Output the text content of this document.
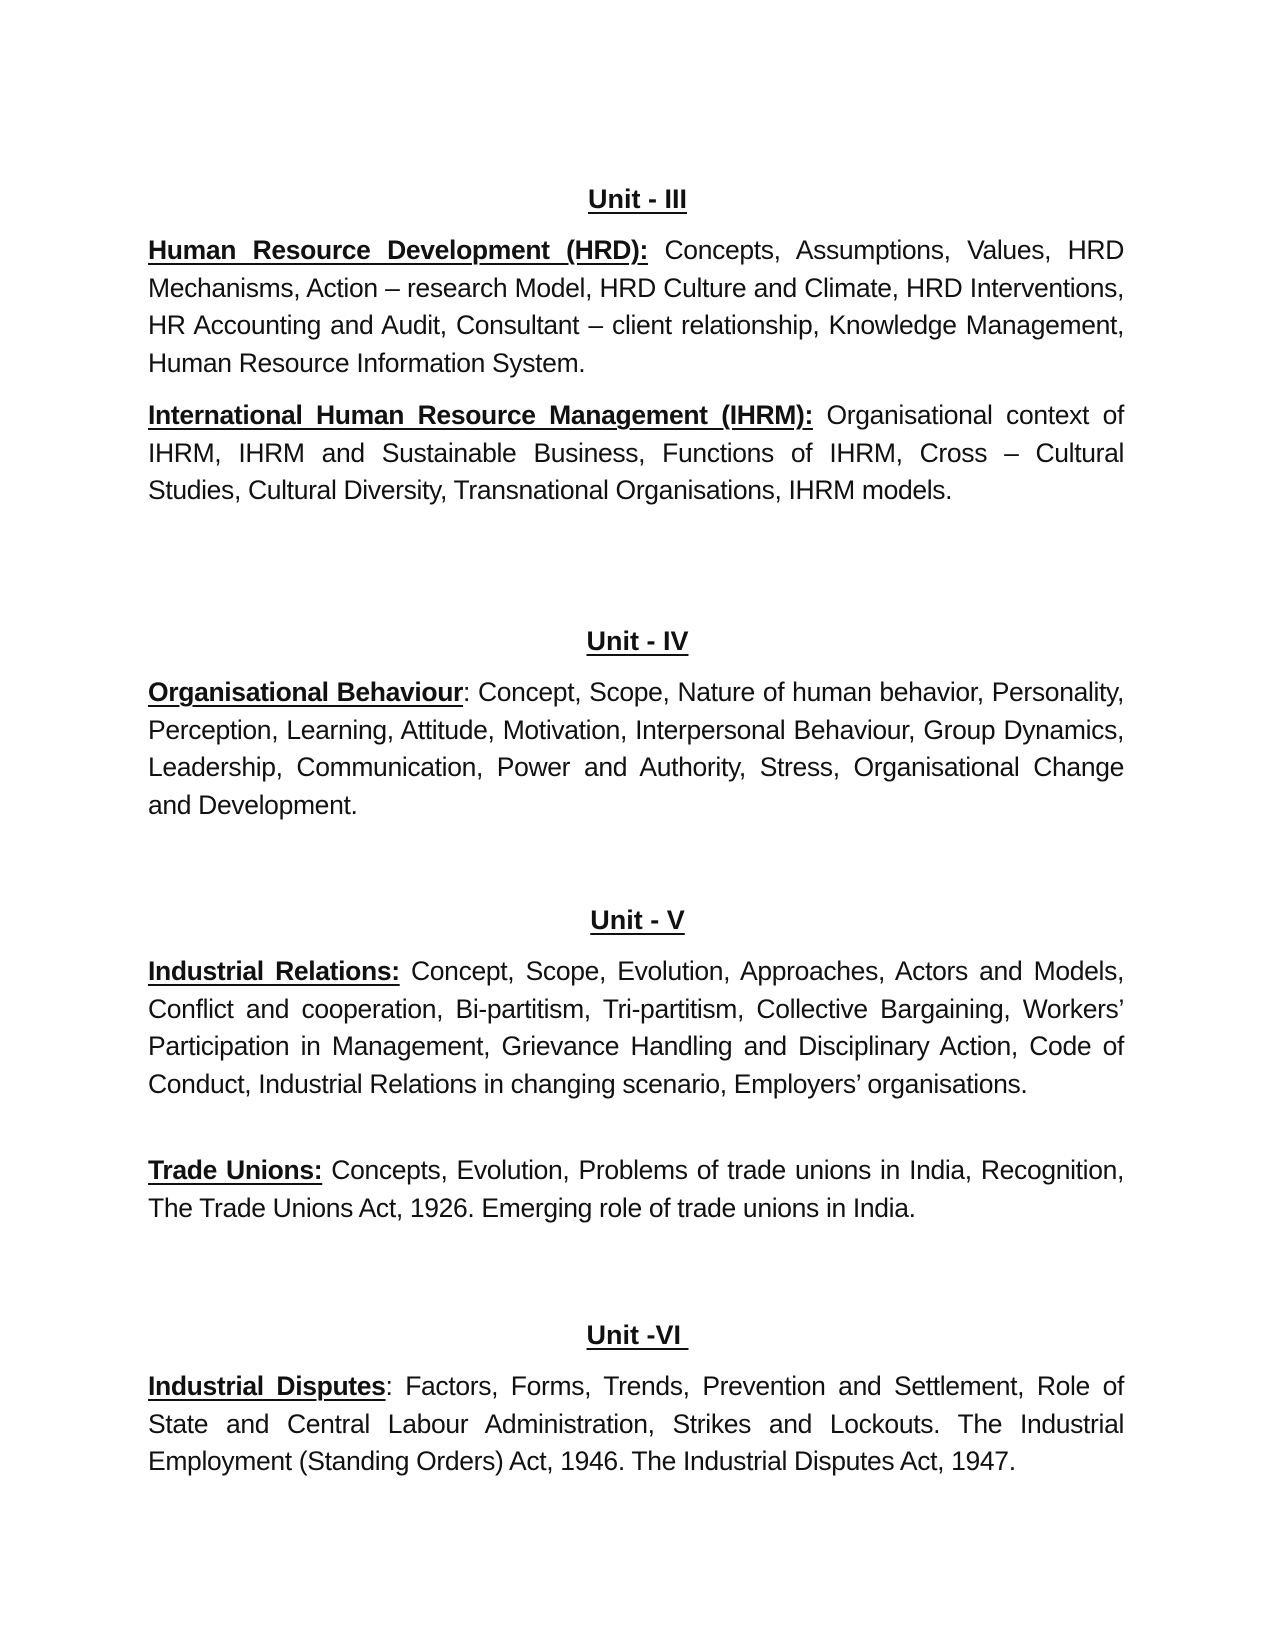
Unit - III

Human Resource Development (HRD): Concepts, Assumptions, Values, HRD Mechanisms, Action – research Model, HRD Culture and Climate, HRD Interventions, HR Accounting and Audit, Consultant – client relationship, Knowledge Management, Human Resource Information System.

International Human Resource Management (IHRM): Organisational context of IHRM, IHRM and Sustainable Business, Functions of IHRM, Cross – Cultural Studies, Cultural Diversity, Transnational Organisations, IHRM models.

Unit - IV

Organisational Behaviour: Concept, Scope, Nature of human behavior, Personality, Perception, Learning, Attitude, Motivation, Interpersonal Behaviour, Group Dynamics, Leadership, Communication, Power and Authority, Stress, Organisational Change and Development.

Unit - V

Industrial Relations: Concept, Scope, Evolution, Approaches, Actors and Models, Conflict and cooperation, Bi-partitism, Tri-partitism, Collective Bargaining, Workers’ Participation in Management, Grievance Handling and Disciplinary Action, Code of Conduct, Industrial Relations in changing scenario, Employers’ organisations.

Trade Unions: Concepts, Evolution, Problems of trade unions in India, Recognition, The Trade Unions Act, 1926. Emerging role of trade unions in India.

Unit -VI

Industrial Disputes: Factors, Forms, Trends, Prevention and Settlement, Role of State and Central Labour Administration, Strikes and Lockouts. The Industrial Employment (Standing Orders) Act, 1946. The Industrial Disputes Act, 1947.
